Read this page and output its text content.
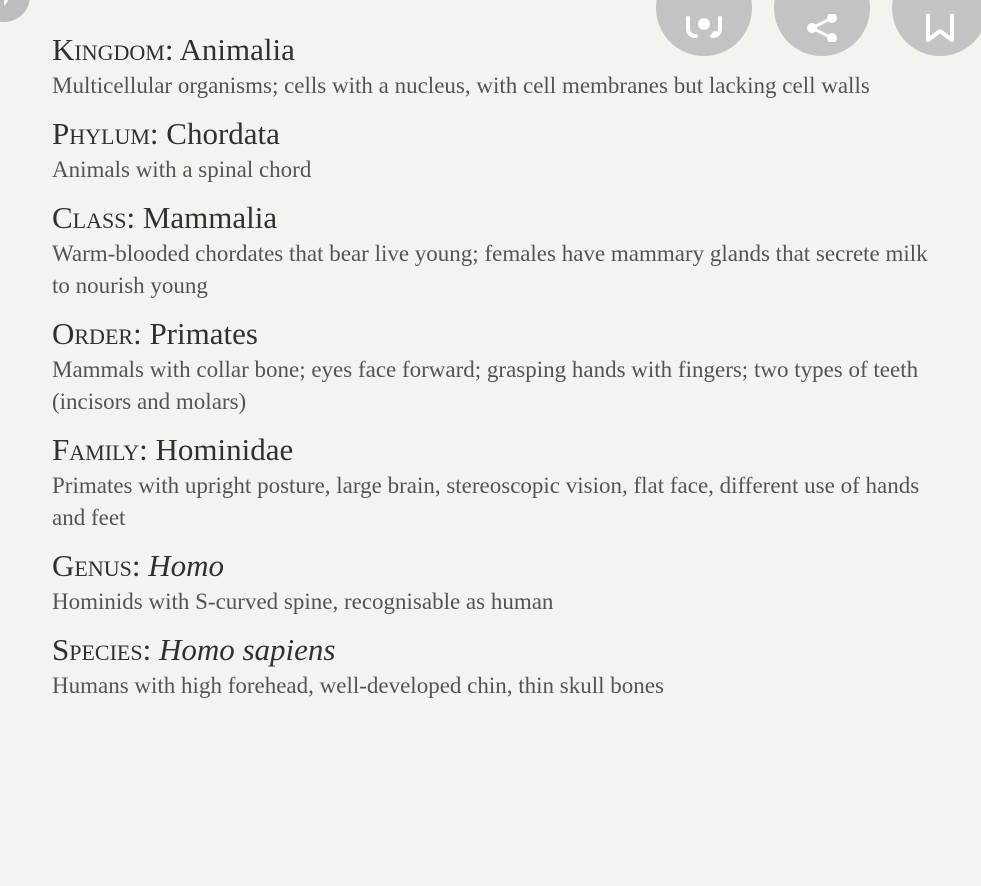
Kingdom: Animalia

Multicellular organisms; cells with a nucleus, with cell membranes but lacking cell walls

Phylum: Chordata

Animals with a spinal chord

Class: Mammalia

Warm-blooded chordates that bear live young; females have mammary glands that secrete milk to nourish young

Order: Primates

Mammals with collar bone; eyes face forward; grasping hands with fingers; two types of teeth (incisors and molars)

Family: Hominidae

Primates with upright posture, large brain, stereoscopic vision, flat face, different use of hands and feet

Genus: Homo

Hominids with S-curved spine, recognisable as human

Species: Homo sapiens

Humans with high forehead, well-developed chin, thin skull bones
